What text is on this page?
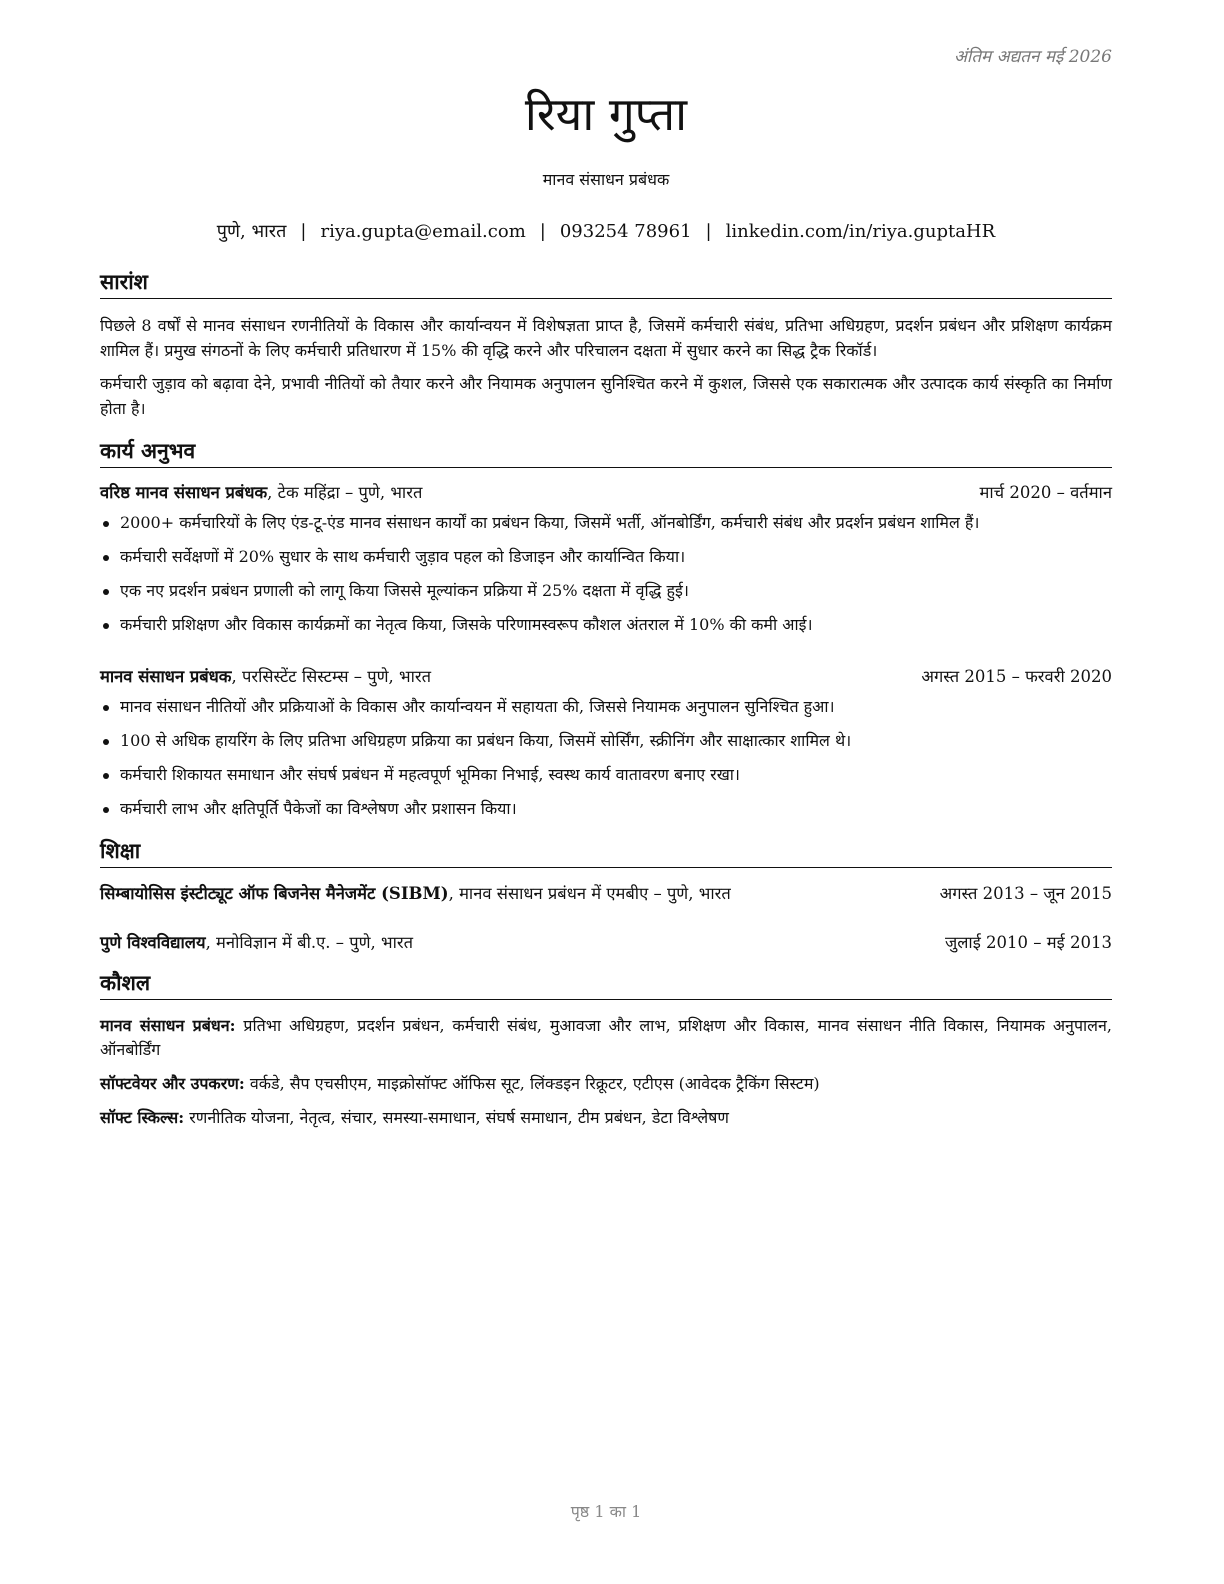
अंतिम अद्यतन मई 2026
रिया गुप्ता
मानव संसाधन प्रबंधक
पुणे, भारत | riya.gupta@email.com | 093254 78961 | linkedin.com/in/riya.guptaHR
सारांश
पिछले 8 वर्षों से मानव संसाधन रणनीतियों के विकास और कार्यान्वयन में विशेषज्ञता प्राप्त है, जिसमें कर्मचारी संबंध, प्रतिभा अधिग्रहण, प्रदर्शन प्रबंधन और प्रशिक्षण कार्यक्रम शामिल हैं। प्रमुख संगठनों के लिए कर्मचारी प्रतिधारण में 15% की वृद्धि करने और परिचालन दक्षता में सुधार करने का सिद्ध ट्रैक रिकॉर्ड।
कर्मचारी जुड़ाव को बढ़ावा देने, प्रभावी नीतियों को तैयार करने और नियामक अनुपालन सुनिश्चित करने में कुशल, जिससे एक सकारात्मक और उत्पादक कार्य संस्कृति का निर्माण होता है।
कार्य अनुभव
वरिष्ठ मानव संसाधन प्रबंधक, टेक महिंद्रा – पुणे, भारत	मार्च 2020 – वर्तमान
2000+ कर्मचारियों के लिए एंड-टू-एंड मानव संसाधन कार्यों का प्रबंधन किया, जिसमें भर्ती, ऑनबोर्डिंग, कर्मचारी संबंध और प्रदर्शन प्रबंधन शामिल हैं।
कर्मचारी सर्वेक्षणों में 20% सुधार के साथ कर्मचारी जुड़ाव पहल को डिजाइन और कार्यान्वित किया।
एक नए प्रदर्शन प्रबंधन प्रणाली को लागू किया जिससे मूल्यांकन प्रक्रिया में 25% दक्षता में वृद्धि हुई।
कर्मचारी प्रशिक्षण और विकास कार्यक्रमों का नेतृत्व किया, जिसके परिणामस्वरूप कौशल अंतराल में 10% की कमी आई।
मानव संसाधन प्रबंधक, परसिस्टेंट सिस्टम्स – पुणे, भारत	अगस्त 2015 – फरवरी 2020
मानव संसाधन नीतियों और प्रक्रियाओं के विकास और कार्यान्वयन में सहायता की, जिससे नियामक अनुपालन सुनिश्चित हुआ।
100 से अधिक हायरिंग के लिए प्रतिभा अधिग्रहण प्रक्रिया का प्रबंधन किया, जिसमें सोर्सिंग, स्क्रीनिंग और साक्षात्कार शामिल थे।
कर्मचारी शिकायत समाधान और संघर्ष प्रबंधन में महत्वपूर्ण भूमिका निभाई, स्वस्थ कार्य वातावरण बनाए रखा।
कर्मचारी लाभ और क्षतिपूर्ति पैकेजों का विश्लेषण और प्रशासन किया।
शिक्षा
सिम्बायोसिस इंस्टीट्यूट ऑफ बिजनेस मैनेजमेंट (SIBM), मानव संसाधन प्रबंधन में एमबीए – पुणे, भारत	अगस्त 2013 – जून 2015
पुणे विश्वविद्यालय, मनोविज्ञान में बी.ए. – पुणे, भारत	जुलाई 2010 – मई 2013
कौशल
मानव संसाधन प्रबंधन: प्रतिभा अधिग्रहण, प्रदर्शन प्रबंधन, कर्मचारी संबंध, मुआवजा और लाभ, प्रशिक्षण और विकास, मानव संसाधन नीति विकास, नियामक अनुपालन, ऑनबोर्डिंग
सॉफ्टवेयर और उपकरण: वर्कडे, सैप एचसीएम, माइक्रोसॉफ्ट ऑफिस सूट, लिंक्डइन रिक्रूटर, एटीएस (आवेदक ट्रैकिंग सिस्टम)
सॉफ्ट स्किल्स: रणनीतिक योजना, नेतृत्व, संचार, समस्या-समाधान, संघर्ष समाधान, टीम प्रबंधन, डेटा विश्लेषण
पृष्ठ 1 का 1
